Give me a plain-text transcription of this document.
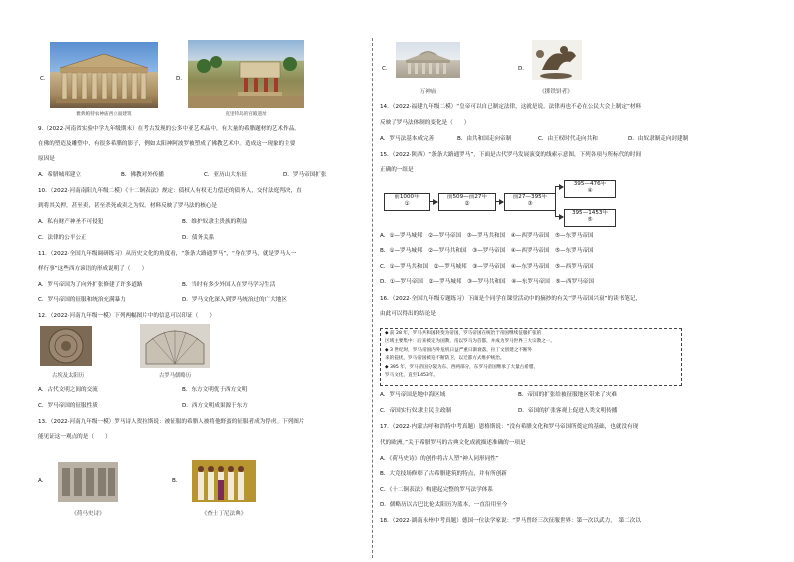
C.
雅典帕特农神庙西立面建筑
D.
克里特岛的宫殿遗址
9.（2022·河南省实验中学九年级期末）在考古发现的公多中亚艺术品中，有大量的希腊题材的艺术作品。
在佛的塑造及雕塑中，有很多希腊的影子，例如太阳神阿波罗被塑成了佛教艺术中。造成这一现象的主要
原因是
A．希腊城邦建立	B．佛教对外传播	C．亚历山大东征	D．罗马帝国扩张
10．（2022·河南南阳九年级二模）《十二铜表法》规定：债权人有权无力偿还的债务人，交付法庭判决，直
到将其关押，甚至卖，甚至杀死或卖之为奴。材料反映了罗马法的核心是
A．私有财产神圣不可侵犯	B．维护奴隶主贵族的利益
C．法律的公平公正	D．债务关系
11．（2022·全国九年级调研练习）从历史文化的角度看，“条条大路通罗马”，“身在罗马，就是罗马人一
样行事”这些西方谚语的形成说明了（　　）
A．罗马帝国为了向外扩张修建了许多道路	B．当时有多少外国人在罗马学习生活
C．罗马帝国的征服和统治充满暴力	D．罗马文化深入到罗马统治过的广大地区
12．（2022·河南九年级一模）下列两幅图片中的信息可以印证（　　）
古埃及太阳历	古罗马儒略历
A．古代文明之间的交流	B．东方文明优于西方文明
C．罗马帝国的征服性质	D．西方文明成果源于东方
13．（2022·河南九年级一模）罗马诗人贺拉斯说：被征服的希腊人被将他野蛮的征服者成为俘虏。下列图片
能见证这一观点的是（　　）
A．
《荷马史诗》
B．
《查士丁尼法典》
C．
万神庙
D．
《掷铁饼者》
14．（2022·福建九年级二模）“皇帝可以自已制定法律，这就是说，法律再也不必在公民大会上制定”材料
反映了罗马法体制的变化是（　　）
A．罗马法基本成完善	B．由共和国走向帝制	C．由王权时代走向共和	D．由奴隶制走向封建制
15．（2022·陕西）“条条大路通罗马”，下面是古代罗马发展演变的线索示意图，下列各项与所标代的时间
正确的一组是
前1000年
①
前509—前27年
②
前27—395年
③
395—476年
④
395—1453年
⑤
A．①—罗马城邦　②—罗马帝国　③—罗马共和国　④—西罗马帝国　⑤—东罗马帝国
B．①—罗马城邦　②—罗马共和国　③—罗马帝国　④—西罗马帝国　⑤—东罗马帝国
C．①—罗马共和国　②—罗马城邦　③—罗马帝国　④—东罗马帝国　⑤—西罗马帝国
D．①—罗马帝国　②—罗马城邦　③—罗马共和国　④—东罗马帝国　⑤—西罗马帝国
16．（2022·全国九年级专题练习）下面是个同学在课堂活动中的摘抄的有关“罗马帝国兴衰”的读书笔记，
由此可以得出的结论是
◆ 前 28 年，罗马共和国转变为帝国，罗马帝国在统治于帝国继续征服扩张的
区域主要集中：后来被定为国教，帝以罗马为首都，并成为罗马世界三大宗教之一。
◆ 3 世纪时，罗马帝国内外危机日益严重日渐衰落，拉丁文创建之不断外
来的侵扰，罗马帝国被迫不断防卫，以迁都方式维护统治。
◆ 395 年，罗马帝国分裂为东、西两部分，东罗马帝国继承了大量古希腊、
罗马文化，直至1453年。
A．罗马帝国是地中海区域	B．帝国的扩张给被征服地区带来了灾难
C．帝国实行奴隶主民主政制	D．帝国的扩张客观上促进人类文明传播
17．（2022·内蒙古呼和浩特中考真题）恩格斯说：“没有希腊文化和罗马帝国所奠定的基础，也就没有现
代的欧洲。”关于希腊罗马的古典文化成就描述准确的一项是
A．《荷马史诗》的创作将古人塑“神人同形同性”
B．大竞技场修彰了古希腊建筑的特点，并有所创新
C．《十二铜表法》构建起完整的罗马法学体系
D．儒略历以古巴比伦太阳历为蓝本，一直沿用至今
18．（2022·湖南永州中考真题）德国一位法学家说：“罗马曾经三次征服世界：第一次以武力，　第二次以
